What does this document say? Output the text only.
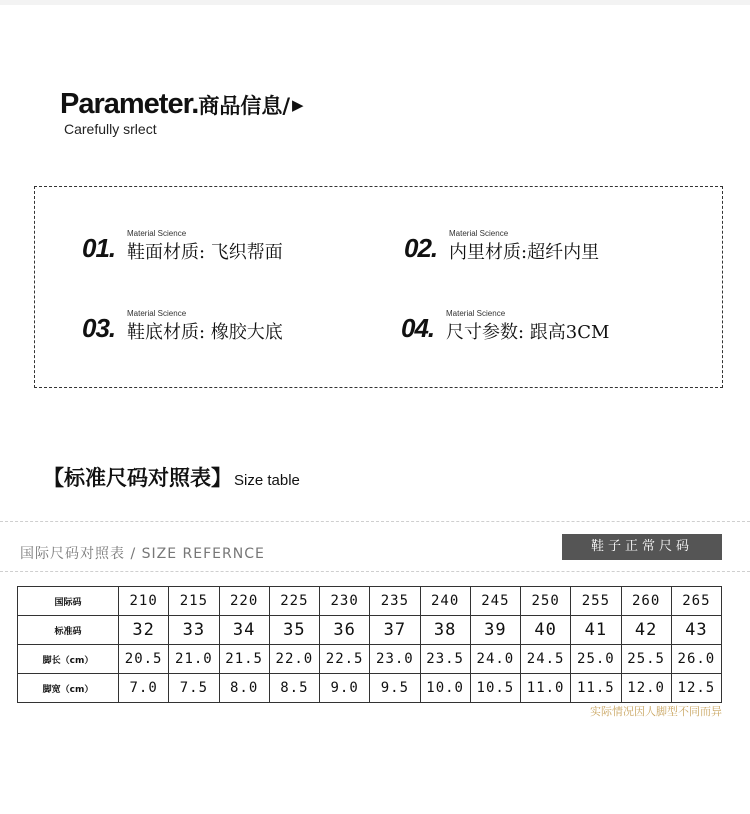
Parameter.商品信息/ ▶
Carefully srlect
01. Material Science
鞋面材质: 飞织帮面	02. Material Science
内里材质:超纤内里
03. Material Science
鞋底材质: 橡胶大底	04. Material Science
尺寸参数: 跟高3CM
【标准尺码对照表】 Size table
国际尺码对照表 / SIZE REFERNCE	鞋子正常尺码
国际码	210	215	220	225	230	235	240	245	250	255	260	265
标准码	32	33	34	35	36	37	38	39	40	41	42	43
脚长（cm）	20.5	21.0	21.5	22.0	22.5	23.0	23.5	24.0	24.5	25.0	25.5	26.0
脚宽（cm）	7.0	7.5	8.0	8.5	9.0	9.5	10.0	10.5	11.0	11.5	12.0	12.5
实际情况因人脚型不同而异
